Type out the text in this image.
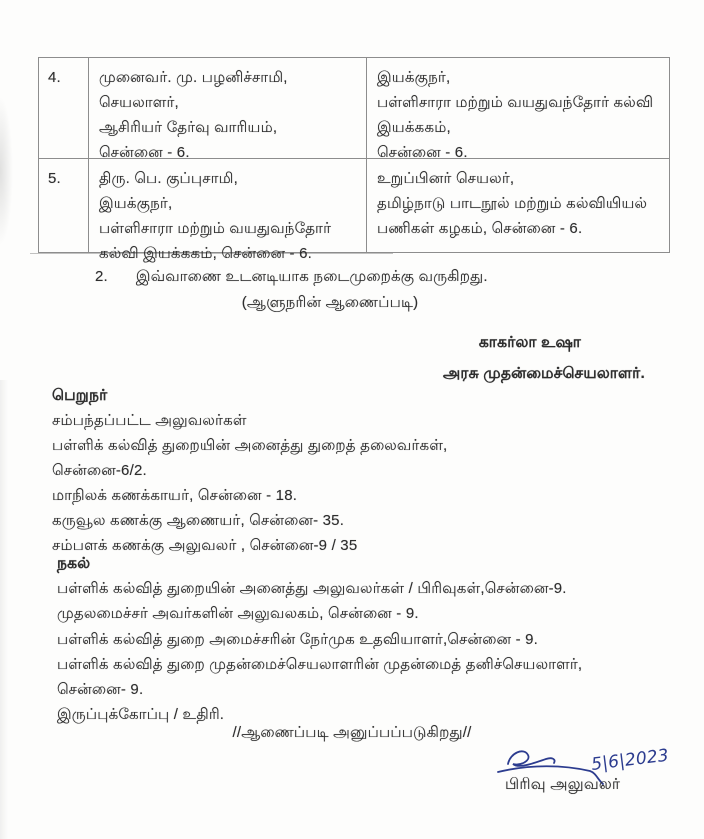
4.	முனைவர். மு. பழனிச்சாமி,
செயலாளர்,
ஆசிரியர் தேர்வு வாரியம்,
சென்னை - 6.
இயக்குநர்,
பள்ளிசாரா மற்றும் வயதுவந்தோர் கல்வி
இயக்ககம்,
சென்னை - 6.
5.	திரு. பெ. குப்புசாமி,
இயக்குநர்,
பள்ளிசாரா மற்றும் வயதுவந்தோர்
கல்வி இயக்ககம், சென்னை - 6.
உறுப்பினர் செயலர்,
தமிழ்நாடு பாடநூல் மற்றும் கல்வியியல்
பணிகள் கழகம், சென்னை - 6.
2. இவ்வாணை உடனடியாக நடைமுறைக்கு வருகிறது.
(ஆளுநரின் ஆணைப்படி)
காகர்லா உஷா
அரசு முதன்மைச்செயலாளர்.
பெறுநர்
சம்பந்தப்பட்ட அலுவலர்கள்
பள்ளிக் கல்வித் துறையின் அனைத்து துறைத் தலைவர்கள்,
சென்னை-6/2.
மாநிலக் கணக்காயர், சென்னை - 18.
கருவூல கணக்கு ஆணையர், சென்னை- 35.
சம்பளக் கணக்கு அலுவலர் , சென்னை-9 / 35
நகல்
பள்ளிக் கல்வித் துறையின் அனைத்து அலுவலர்கள் / பிரிவுகள்,சென்னை-9.
முதலமைச்சர் அவர்களின் அலுவலகம், சென்னை - 9.
பள்ளிக் கல்வித் துறை அமைச்சரின் நேர்முக உதவியாளர்,சென்னை - 9.
பள்ளிக் கல்வித் துறை முதன்மைச்செயலாளரின் முதன்மைத் தனிச்செயலாளர்,
சென்னை- 9.
இருப்புக்கோப்பு / உதிரி.
//ஆணைப்படி அனுப்பப்படுகிறது//
5|6|2023
பிரிவு அலுவலர்
